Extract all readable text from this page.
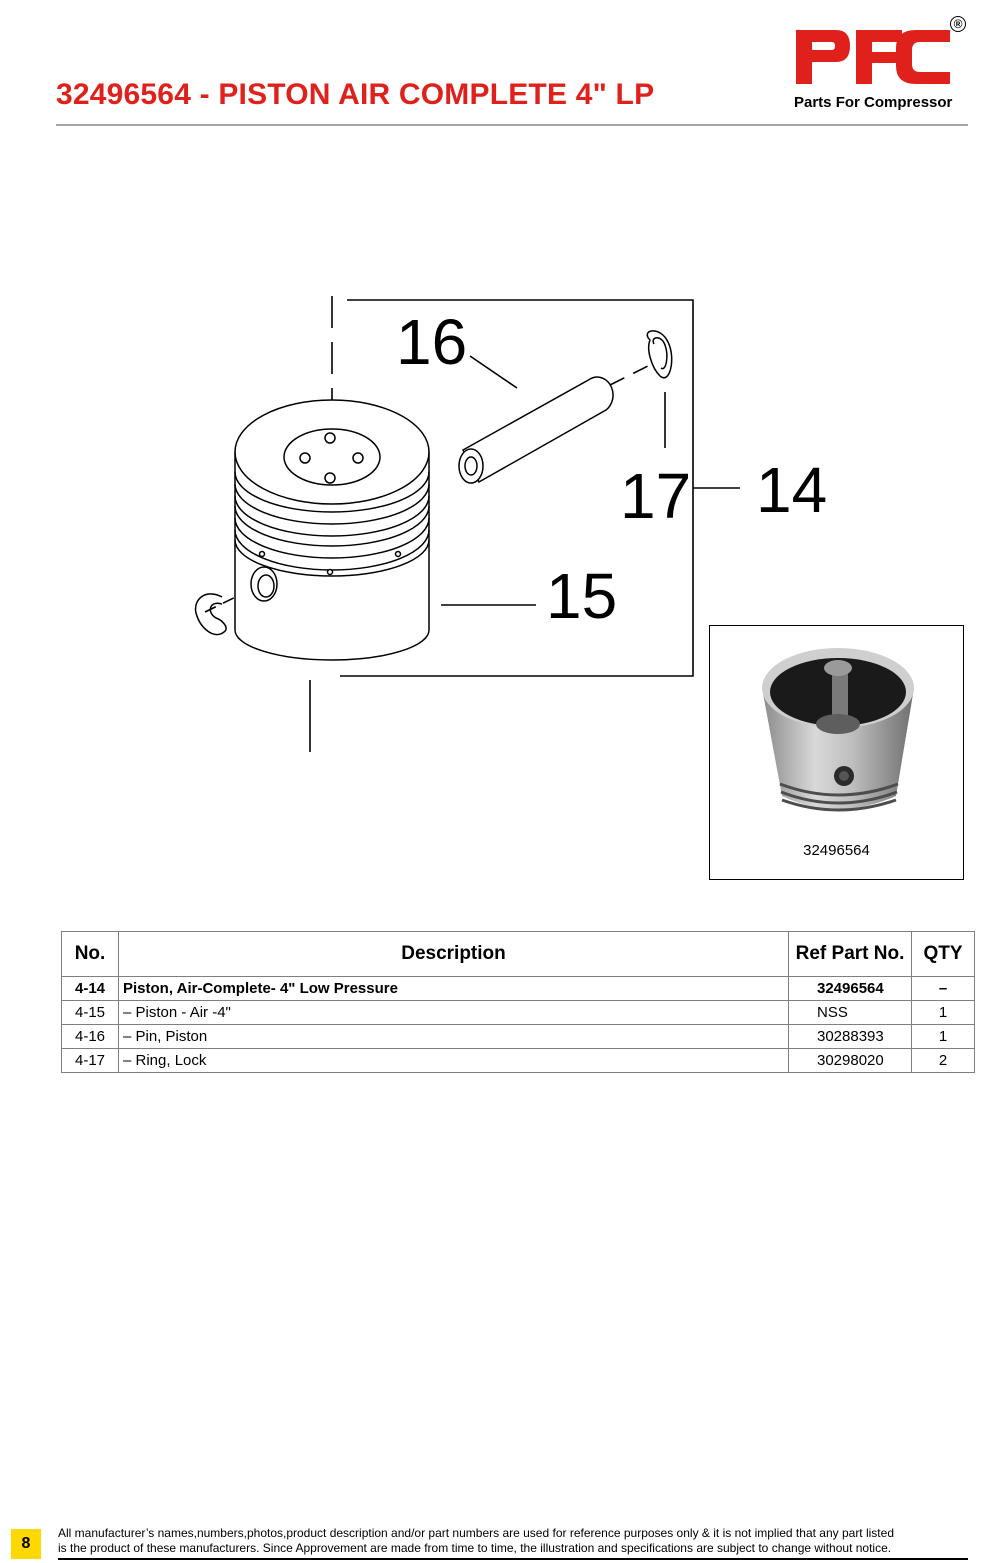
32496564 - PISTON AIR COMPLETE 4" LP
®
Parts For Compressor
16
17 14
15
32496564
No.	Description	Ref Part No.	QTY
4-14	Piston, Air-Complete- 4" Low Pressure	32496564	–
4-15	– Piston - Air -4"	NSS	1
4-16	– Pin, Piston	30288393	1
4-17	– Ring, Lock	30298020	2
8
All manufacturer’s names,numbers,photos,product description and/or part numbers are used for reference purposes only & it is not implied that any part listed
is the product of these manufacturers. Since Approvement are made from time to time, the illustration and specifications are subject to change without notice.
